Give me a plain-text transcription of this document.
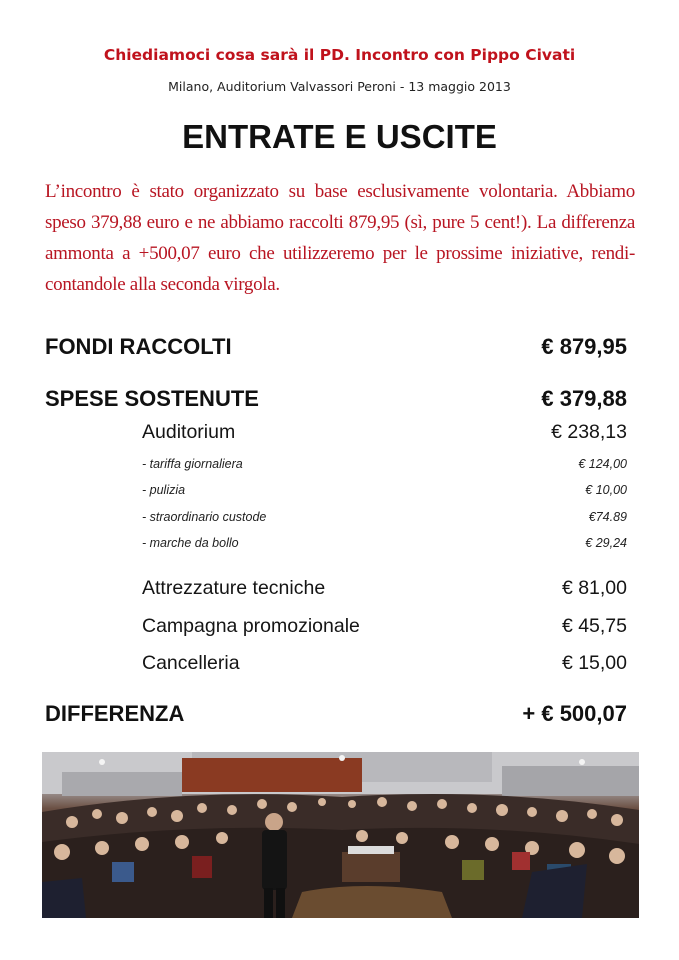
Chiediamoci cosa sarà il PD. Incontro con Pippo Civati
Milano, Auditorium Valvassori Peroni - 13 maggio 2013
ENTRATE E USCITE
L’incontro è stato organizzato su base esclusivamente volontaria. Abbiamo speso 379,88 euro e ne abbiamo raccolti 879,95 (sì, pure 5 cent!). La differenza ammonta a +500,07 euro che utilizzeremo per le prossime iniziative, rendi-contandole alla seconda virgola.
FONDI RACCOLTI	€ 879,95
SPESE SOSTENUTE	€ 379,88
Auditorium	€ 238,13
- tariffa giornaliera	€ 124,00
- pulizia	€ 10,00
- straordinario custode	€74.89
- marche da bollo	€ 29,24
Attrezzature tecniche	€ 81,00
Campagna promozionale	€ 45,75
Cancelleria	€ 15,00
DIFFERENZA	+ € 500,07
